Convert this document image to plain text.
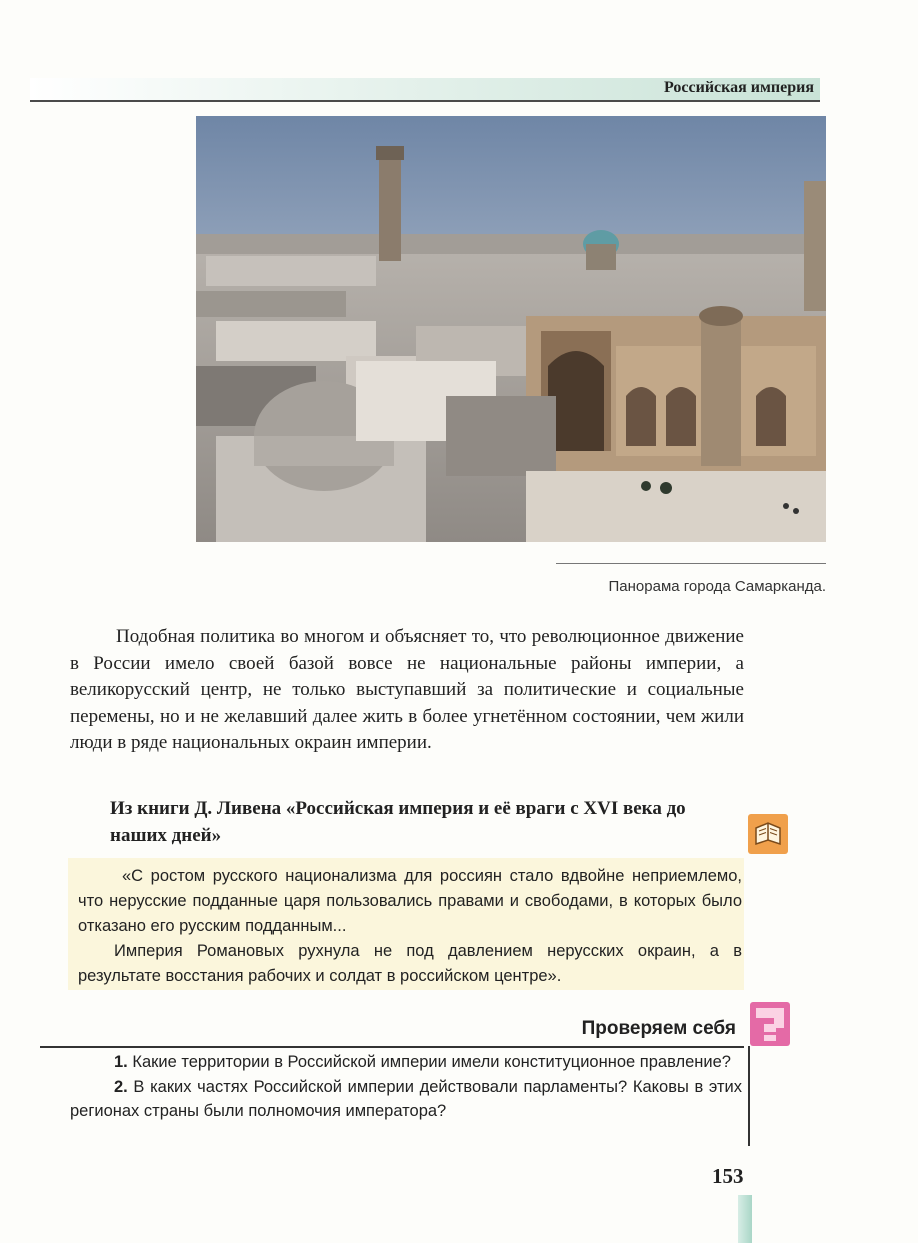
Российская империя
Панорама города Самарканда.

Подобная политика во многом и объясняет то, что революционное движение в России имело своей базой вовсе не национальные районы империи, а великорусский центр, не только выступавший за политические и социальные перемены, но и не желавший далее жить в более угнетённом состоянии, чем жили люди в ряде национальных окраин империи.

Из книги Д. Ливена «Российская империя и её враги с XVI века до наших дней»

«С ростом русского национализма для россиян стало вдвойне неприемлемо, что нерусские подданные царя пользовались правами и свободами, в которых было отказано его русским подданным...

Империя Романовых рухнула не под давлением нерусских окраин, а в результате восстания рабочих и солдат в российском центре».

Проверяем себя

1. Какие территории в Российской империи имели конституционное правление?

2. В каких частях Российской империи действовали парламенты? Каковы в этих регионах страны были полномочия императора?

153
